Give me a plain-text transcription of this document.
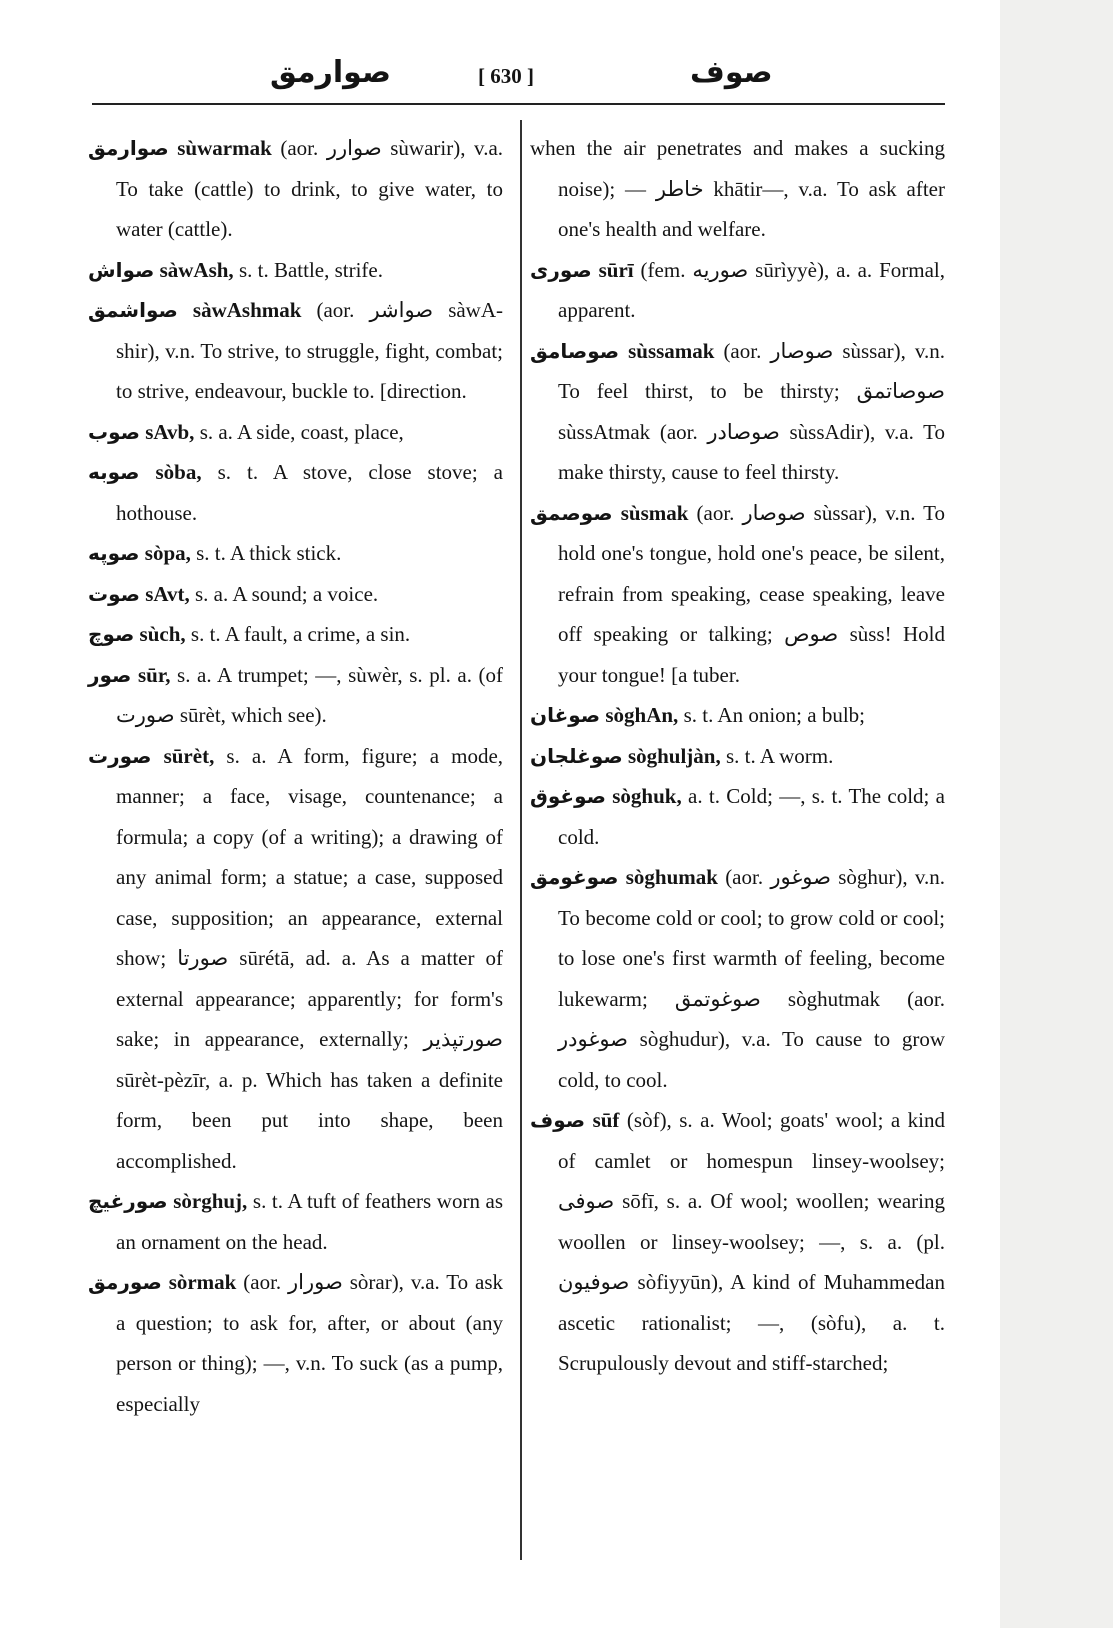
صوارمق	[ 630 ]	صوف

صوارمق sùwarmak (aor. صوارر sùwarir), v.a. To take (cattle) to drink, to give water, to water (cattle).

صواش sàwAsh, s. t. Battle, strife.

صواشمق sàwAshmak (aor. صواشر sàwA-shir), v.n. To strive, to struggle, fight, combat; to strive, endeavour, buckle to. [direction.

صوب sAvb, s. a. A side, coast, place,

صوبه sòba, s. t. A stove, close stove; a hothouse.

صوپه sòpa, s. t. A thick stick.

صوت sAvt, s. a. A sound; a voice.

صوچ sùch, s. t. A fault, a crime, a sin.

صور sūr, s. a. A trumpet; —, sùwèr, s. pl. a. (of صورت sūrèt, which see).

صورت sūrèt, s. a. A form, figure; a mode, manner; a face, visage, countenance; a formula; a copy (of a writing); a drawing of any animal form; a statue; a case, supposed case, supposition; an appearance, external show; صورتا sūrétā, ad. a. As a matter of external appearance; apparently; for form's sake; in appearance, externally; صورتپذير sūrèt-pèzīr, a. p. Which has taken a definite form, been put into shape, been accomplished.

صورغيچ sòrghuj, s. t. A tuft of feathers worn as an ornament on the head.

صورمق sòrmak (aor. صورار sòrar), v.a. To ask a question; to ask for, after, or about (any person or thing); —, v.n. To suck (as a pump, especially

when the air penetrates and makes a sucking noise); — خاطر khātir—, v.a. To ask after one's health and welfare.

صورى sūrī (fem. صوريه sūrìyyè), a. a. Formal, apparent.

صوصامق sùssamak (aor. صوصار sùssar), v.n. To feel thirst, to be thirsty; صوصاتمق sùssAtmak (aor. صوصادر sùssAdir), v.a. To make thirsty, cause to feel thirsty.

صوصمق sùsmak (aor. صوصار sùssar), v.n. To hold one's tongue, hold one's peace, be silent, refrain from speaking, cease speaking, leave off speaking or talking; صوص sùss! Hold your tongue! [a tuber.

صوغان sòghAn, s. t. An onion; a bulb;

صوغلجان sòghuljàn, s. t. A worm.

صوغوق sòghuk, a. t. Cold; —, s. t. The cold; a cold.

صوغومق sòghumak (aor. صوغور sòghur), v.n. To become cold or cool; to grow cold or cool; to lose one's first warmth of feeling, become lukewarm; صوغوتمق sòghutmak (aor. صوغودر sòghudur), v.a. To cause to grow cold, to cool.

صوف sūf (sòf), s. a. Wool; goats' wool; a kind of camlet or homespun linsey-woolsey; صوفى sōfī, s. a. Of wool; woollen; wearing woollen or linsey-woolsey; —, s. a. (pl. صوفيون sòfiyyūn), A kind of Muhammedan ascetic rationalist; —, (sòfu), a. t. Scrupulously devout and stiff-starched;
